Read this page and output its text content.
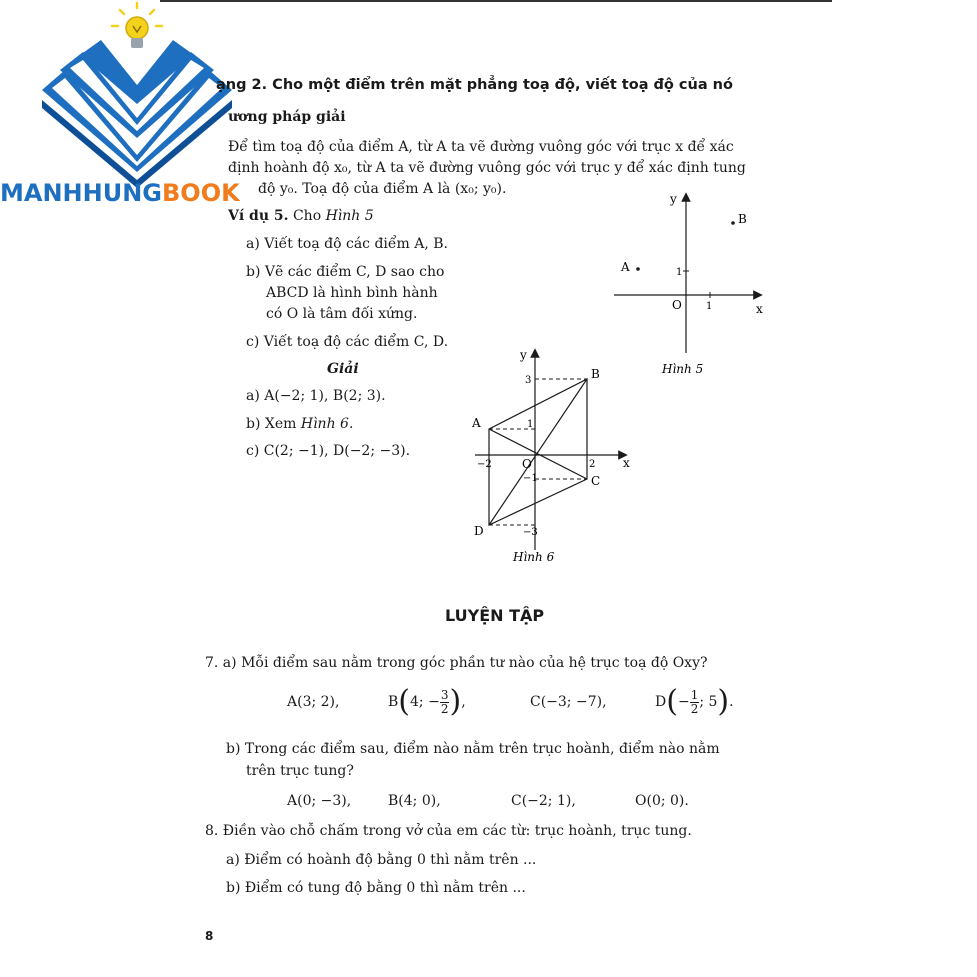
MANHHUNGBOOK
ạng 2. Cho một điểm trên mặt phẳng toạ độ, viết toạ độ của nó
ương pháp giải
Để tìm toạ độ của điểm A, từ A ta vẽ đường vuông góc với trục x để xác
định hoành độ x₀, từ A ta vẽ đường vuông góc với trục y để xác định tung
độ y₀. Toạ độ của điểm A là (x₀; y₀).
Ví dụ 5. Cho Hình 5
a) Viết toạ độ các điểm A, B.
b) Vẽ các điểm C, D sao cho
ABCD là hình bình hành
có O là tâm đối xứng.
c) Viết toạ độ các điểm C, D.
Giải
a) A(−2; 1), B(2; 3).
b) Xem Hình 6.
c) C(2; −1), D(−2; −3).
y
x
O 1
1
A
B
Hình 5
y
x
O
A
B
C
D
−2	2
3
1
−1
−3
Hình 6
LUYỆN TẬP
7. a) Mỗi điểm sau nằm trong góc phần tư nào của hệ trục toạ độ Oxy?
A(3; 2),	B ( 4; − $\frac{3}{2}$ ) ,	C(−3; −7),	D ( − $\frac{1}{2}$ ; 5 ) .
b) Trong các điểm sau, điểm nào nằm trên trục hoành, điểm nào nằm
trên trục tung?
A(0; −3),	B(4; 0),	C(−2; 1),	O(0; 0).
8. Điền vào chỗ chấm trong vở của em các từ: trục hoành, trục tung.
a) Điểm có hoành độ bằng 0 thì nằm trên ...
b) Điểm có tung độ bằng 0 thì nằm trên ...
8
